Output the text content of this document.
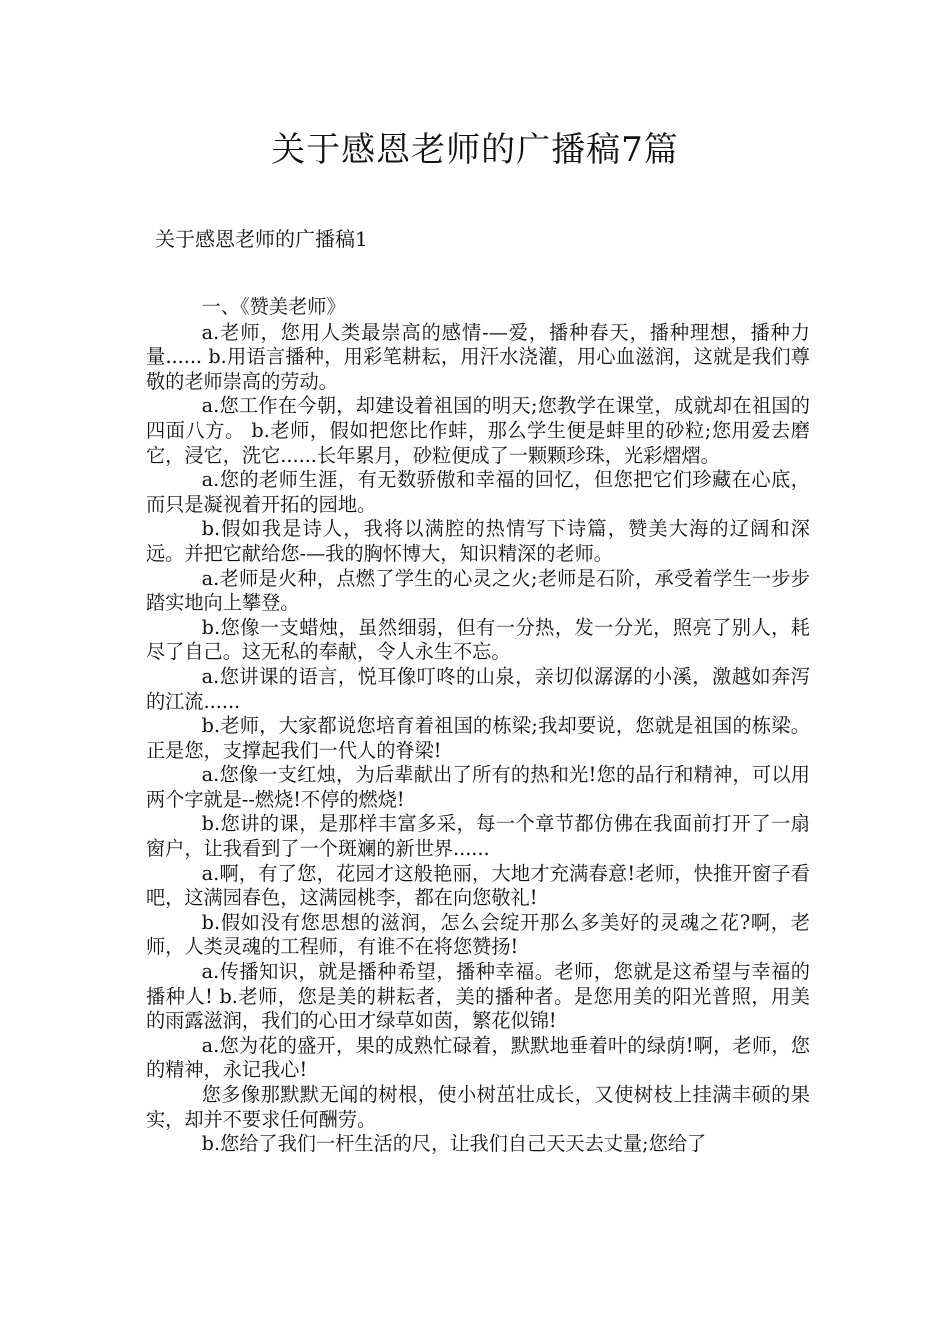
关于感恩老师的广播稿7篇
关于感恩老师的广播稿1

一、《赞美老师》

a.老师，您用人类最崇高的感情-—爱，播种春天，播种理想，播种力量...... b.用语言播种，用彩笔耕耘，用汗水浇灌，用心血滋润，这就是我们尊敬的老师崇高的劳动。

a.您工作在今朝，却建设着祖国的明天;您教学在课堂，成就却在祖国的四面八方。 b.老师，假如把您比作蚌，那么学生便是蚌里的砂粒;您用爱去磨它，浸它，洗它......长年累月，砂粒便成了一颗颗珍珠，光彩熠熠。

a.您的老师生涯，有无数骄傲和幸福的回忆，但您把它们珍藏在心底，而只是凝视着开拓的园地。

b.假如我是诗人，我将以满腔的热情写下诗篇，赞美大海的辽阔和深远。并把它献给您-—我的胸怀博大，知识精深的老师。

a.老师是火种，点燃了学生的心灵之火;老师是石阶，承受着学生一步步踏实地向上攀登。

b.您像一支蜡烛，虽然细弱，但有一分热，发一分光，照亮了别人，耗尽了自己。这无私的奉献，令人永生不忘。

a.您讲课的语言，悦耳像叮咚的山泉，亲切似潺潺的小溪，激越如奔泻的江流......

b.老师，大家都说您培育着祖国的栋梁;我却要说，您就是祖国的栋梁。正是您，支撑起我们一代人的脊梁!

a.您像一支红烛，为后辈献出了所有的热和光!您的品行和精神，可以用两个字就是--燃烧!不停的燃烧!

b.您讲的课，是那样丰富多采，每一个章节都仿佛在我面前打开了一扇窗户，让我看到了一个斑斓的新世界......

a.啊，有了您，花园才这般艳丽，大地才充满春意!老师，快推开窗子看吧，这满园春色，这满园桃李，都在向您敬礼!

b.假如没有您思想的滋润，怎么会绽开那么多美好的灵魂之花?啊，老师，人类灵魂的工程师，有谁不在将您赞扬!

a.传播知识，就是播种希望，播种幸福。老师，您就是这希望与幸福的播种人! b.老师，您是美的耕耘者，美的播种者。是您用美的阳光普照，用美的雨露滋润，我们的心田才绿草如茵，繁花似锦!

a.您为花的盛开，果的成熟忙碌着，默默地垂着叶的绿荫!啊，老师，您的精神，永记我心!

您多像那默默无闻的树根，使小树茁壮成长，又使树枝上挂满丰硕的果实，却并不要求任何酬劳。

b.您给了我们一杆生活的尺，让我们自己天天去丈量;您给了
